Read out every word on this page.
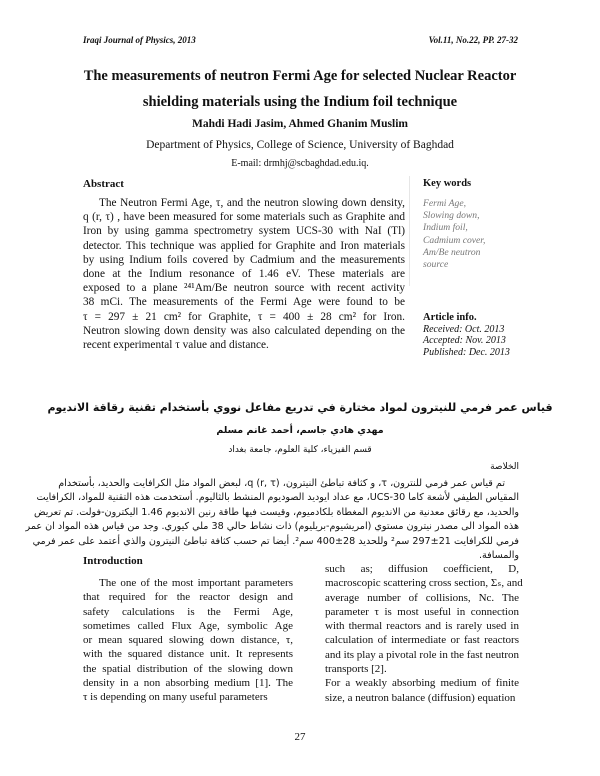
Iraqi Journal of Physics, 2013	Vol.11, No.22, PP. 27-32
The measurements of neutron Fermi Age for selected Nuclear Reactor
shielding materials using the Indium foil technique
Mahdi Hadi Jasim, Ahmed Ghanim Muslim
Department of Physics, College of Science, University of Baghdad
E-mail: drmhj@scbaghdad.edu.iq.
Abstract
The Neutron Fermi Age, τ, and the neutron slowing down density,
q (r, τ) , have been measured for some materials such as Graphite and
Iron by using gamma spectrometry system UCS-30 with NaI (Tl)
detector. This technique was applied for Graphite and Iron materials
by using Indium foils covered by Cadmium and the measurements
done at the Indium resonance of 1.46 eV. These materials are
exposed to a plane ²⁴¹Am/Be neutron source with recent activity
38 mCi. The measurements of the Fermi Age were found to be
τ = 297 ± 21 cm² for Graphite, τ = 400 ± 28 cm² for Iron.
Neutron slowing down density was also calculated depending on the
recent experimental τ value and distance.
Key words
Fermi Age,
Slowing down,
Indium foil,
Cadmium cover,
Am/Be neutron
source
Article info.
Received: Oct. 2013
Accepted: Nov. 2013
Published: Dec. 2013
قياس عمر فرمي للنيترون لمواد مختارة في تدريع مفاعل نووي بأستخدام تقنية رقاقة الانديوم
مهدي هادي جاسم، أحمد غانم مسلم
قسم الفيزياء، كلية العلوم، جامعة بغداد
الخلاصة
تم قياس عمر فرمي للنترون، τ، و كثافة تباطئ النيترون، q (r, τ)، لبعض المواد مثل الكرافايت والحديد، بأستخدام
المقياس الطيفي لأشعة كاما UCS-30، مع عداد ايوديد الصوديوم المنشط بالثاليوم. أستخدمت هذه التقنية للمواد، الكرافايت
والحديد، مع رقائق معدنية من الانديوم المغطاة بلكادميوم، وقيست فيها طاقة رنين الانديوم 1.46 اليكترون-فولت. تم تعريض
هذه المواد الى مصدر نيترون مستوي (امريشيوم-بريليوم) ذات نشاط حالي 38 ملي كيوري. وجد من قياس هذه المواد ان عمر
فرمي للكرافايت 21±297 سم² وللحديد 28±400 سم². أيضا تم حسب كثافة تباطئ النيترون والذي أعتمد على عمر فرمي
والمسافة.
Introduction
The one of the most important parameters
that required for the reactor design and
safety calculations is the Fermi Age,
sometimes called Flux Age, symbolic Age
or mean squared slowing down distance, τ,
with the squared distance unit. It represents
the spatial distribution of the slowing down
density in a non absorbing medium [1]. The
τ is depending on many useful parameters
such as; diffusion coefficient, D,
macroscopic scattering cross section, Σₛ, and
average number of collisions, Nc. The
parameter τ is most useful in connection
with thermal reactors and is rarely used in
calculation of intermediate or fast reactors
and its play a pivotal role in the fast neutron
transports [2].
For a weakly absorbing medium of finite
size, a neutron balance (diffusion) equation
27
